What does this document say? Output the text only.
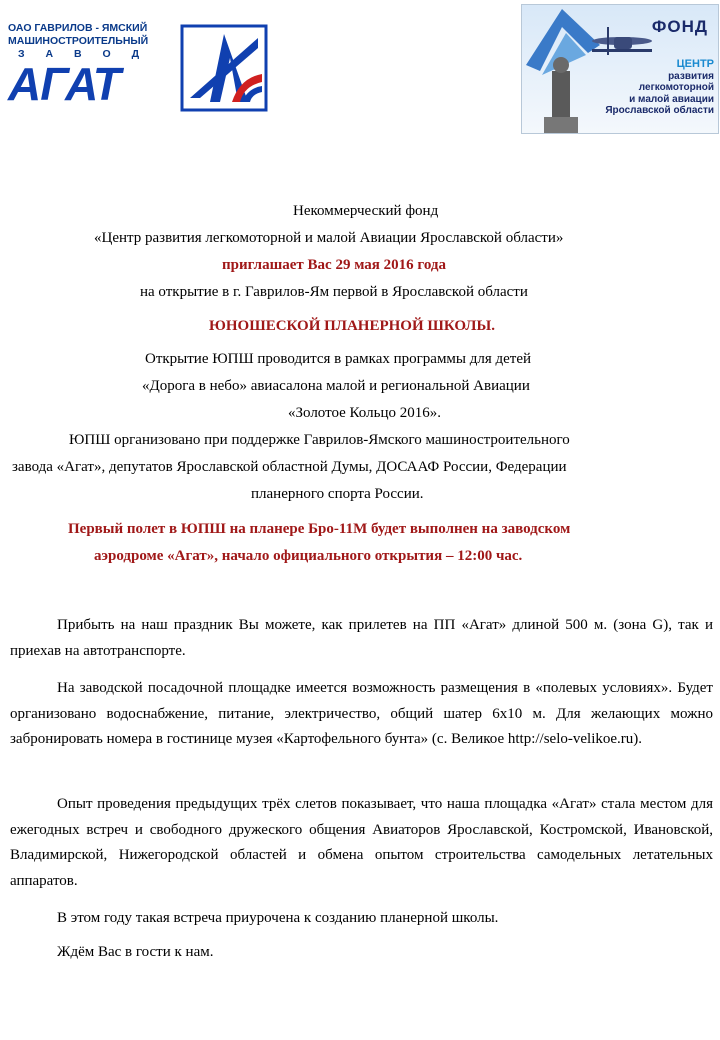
ОАО ГАВРИЛОВ - ЯМСКИЙ
МАШИНОСТРОИТЕЛЬНЫЙ
З А В О Д
АГАТ
ФОНД
ЦЕНТР
развития
легкомоторной
и малой авиации
Ярославской области
Некоммерческий фонд
«Центр развития легкомоторной и малой Авиации Ярославской области»
приглашает Вас 29 мая 2016 года
на открытие в г. Гаврилов-Ям первой в Ярославской области
ЮНОШЕСКОЙ ПЛАНЕРНОЙ ШКОЛЫ.
Открытие ЮПШ проводится в рамках программы для детей
«Дорога в небо» авиасалона малой и региональной Авиации
«Золотое Кольцо 2016».
ЮПШ организовано при поддержке Гаврилов-Ямского машиностроительного
завода «Агат», депутатов Ярославской областной Думы, ДОСААФ России, Федерации
планерного спорта России.
Первый полет в ЮПШ на планере Бро-11М будет выполнен на заводском
аэродроме «Агат», начало официального открытия – 12:00 час.
Прибыть на наш праздник Вы можете, как прилетев на ПП «Агат» длиной 500 м. (зона G), так и приехав на автотранспорте.
На заводской посадочной площадке имеется возможность размещения в «полевых условиях». Будет организовано водоснабжение, питание, электричество, общий шатер 6х10 м. Для желающих можно забронировать номера в гостинице музея «Картофельного бунта» (с. Великое http://selo-velikoe.ru).
Опыт проведения предыдущих трёх слетов показывает, что наша площадка «Агат» стала местом для ежегодных встреч и свободного дружеского общения Авиаторов Ярославской, Костромской, Ивановской, Владимирской, Нижегородской областей и обмена опытом строительства самодельных летательных аппаратов.
В этом году такая встреча приурочена к созданию планерной школы.
Ждём Вас в гости к нам.
